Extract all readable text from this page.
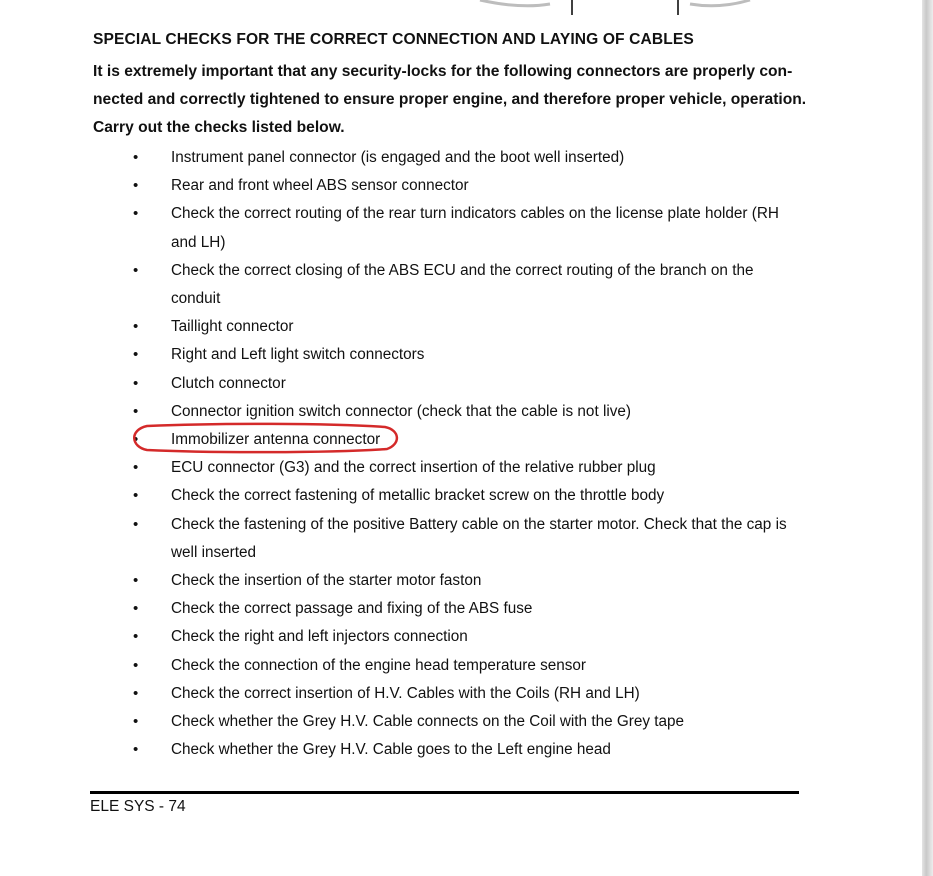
SPECIAL CHECKS FOR THE CORRECT CONNECTION AND LAYING OF CABLES
It is extremely important that any security-locks for the following connectors are properly con-
nected and correctly tightened to ensure proper engine, and therefore proper vehicle, operation.
Carry out the checks listed below.
• Instrument panel connector (is engaged and the boot well inserted)
• Rear and front wheel ABS sensor connector
• Check the correct routing of the rear turn indicators cables on the license plate holder (RH and LH)
• Check the correct closing of the ABS ECU and the correct routing of the branch on the conduit
• Taillight connector
• Right and Left light switch connectors
• Clutch connector
• Connector ignition switch connector (check that the cable is not live)
• Immobilizer antenna connector
• ECU connector (G3) and the correct insertion of the relative rubber plug
• Check the correct fastening of metallic bracket screw on the throttle body
• Check the fastening of the positive Battery cable on the starter motor. Check that the cap is well inserted
• Check the insertion of the starter motor faston
• Check the correct passage and fixing of the ABS fuse
• Check the right and left injectors connection
• Check the connection of the engine head temperature sensor
• Check the correct insertion of H.V. Cables with the Coils (RH and LH)
• Check whether the Grey H.V. Cable connects on the Coil with the Grey tape
• Check whether the Grey H.V. Cable goes to the Left engine head
ELE SYS - 74
